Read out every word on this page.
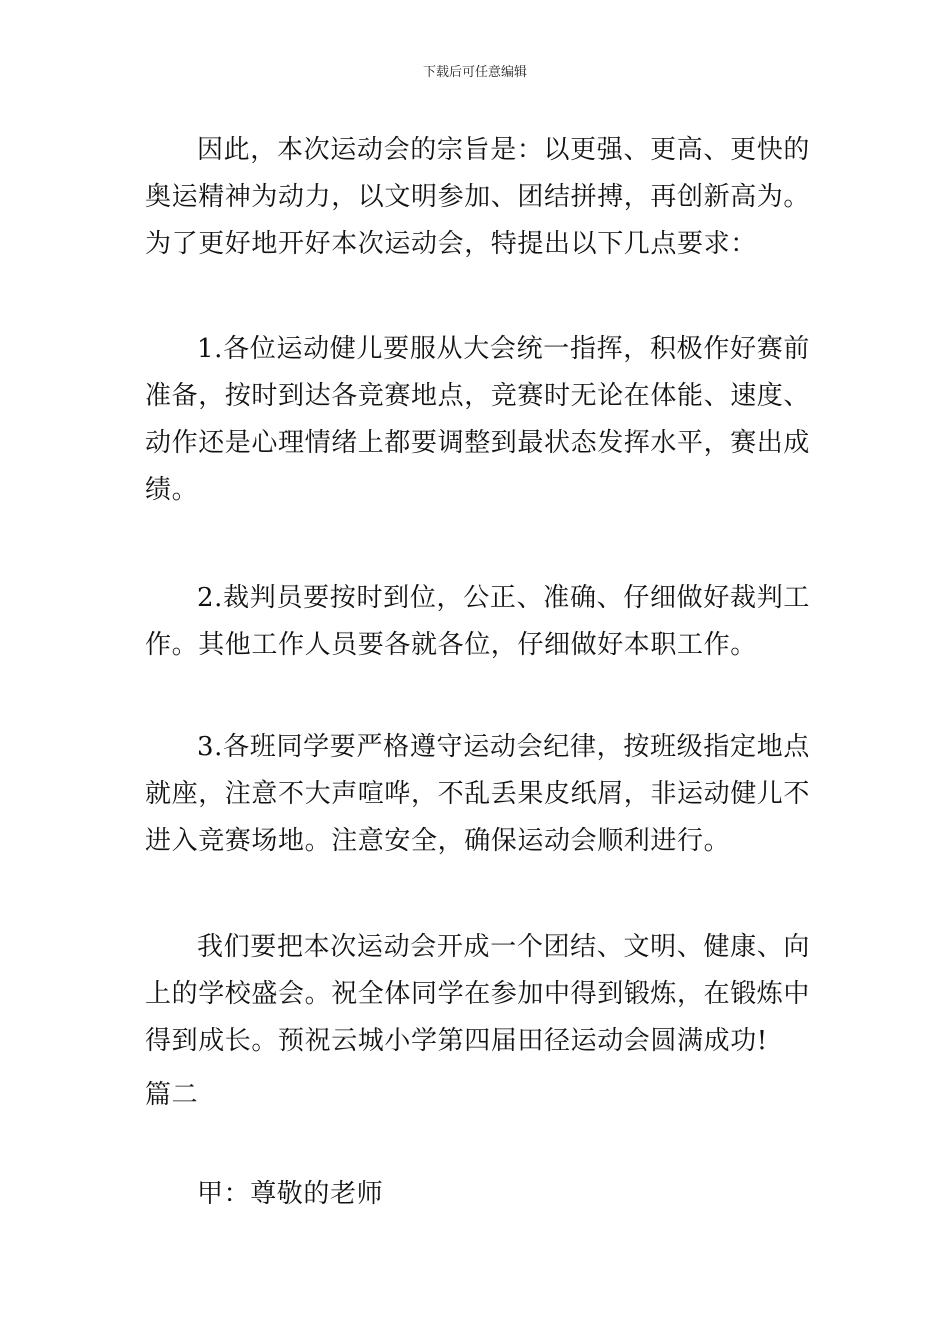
下载后可任意编辑

因此，本次运动会的宗旨是：以更强、更高、更快的奥运精神为动力，以文明参加、团结拼搏，再创新高为。为了更好地开好本次运动会，特提出以下几点要求：

1.各位运动健儿要服从大会统一指挥，积极作好赛前准备，按时到达各竞赛地点，竞赛时无论在体能、速度、动作还是心理情绪上都要调整到最状态发挥水平，赛出成绩。

2.裁判员要按时到位，公正、准确、仔细做好裁判工作。其他工作人员要各就各位，仔细做好本职工作。

3.各班同学要严格遵守运动会纪律，按班级指定地点就座，注意不大声喧哗，不乱丢果皮纸屑，非运动健儿不进入竞赛场地。注意安全，确保运动会顺利进行。

我们要把本次运动会开成一个团结、文明、健康、向上的学校盛会。祝全体同学在参加中得到锻炼，在锻炼中得到成长。预祝云城小学第四届田径运动会圆满成功!

篇二

甲：尊敬的老师
